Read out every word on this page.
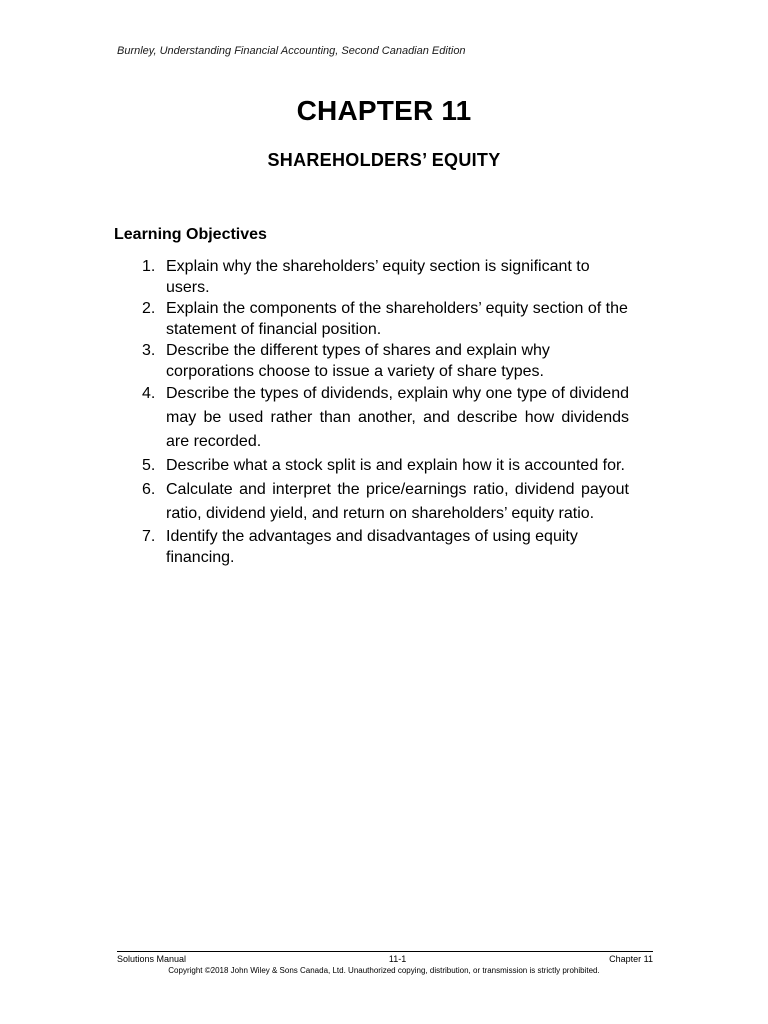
Burnley, Understanding Financial Accounting, Second Canadian Edition
CHAPTER 11
SHAREHOLDERS’ EQUITY
Learning Objectives
1. Explain why the shareholders’ equity section is significant to users.
2. Explain the components of the shareholders’ equity section of the statement of financial position.
3. Describe the different types of shares and explain why corporations choose to issue a variety of share types.
4. Describe the types of dividends, explain why one type of dividend may be used rather than another, and describe how dividends are recorded.
5. Describe what a stock split is and explain how it is accounted for.
6. Calculate and interpret the price/earnings ratio, dividend payout ratio, dividend yield, and return on shareholders’ equity ratio.
7. Identify the advantages and disadvantages of using equity financing.
Solutions Manual	11-1	Chapter 11
Copyright ©2018 John Wiley & Sons Canada, Ltd. Unauthorized copying, distribution, or transmission is strictly prohibited.
